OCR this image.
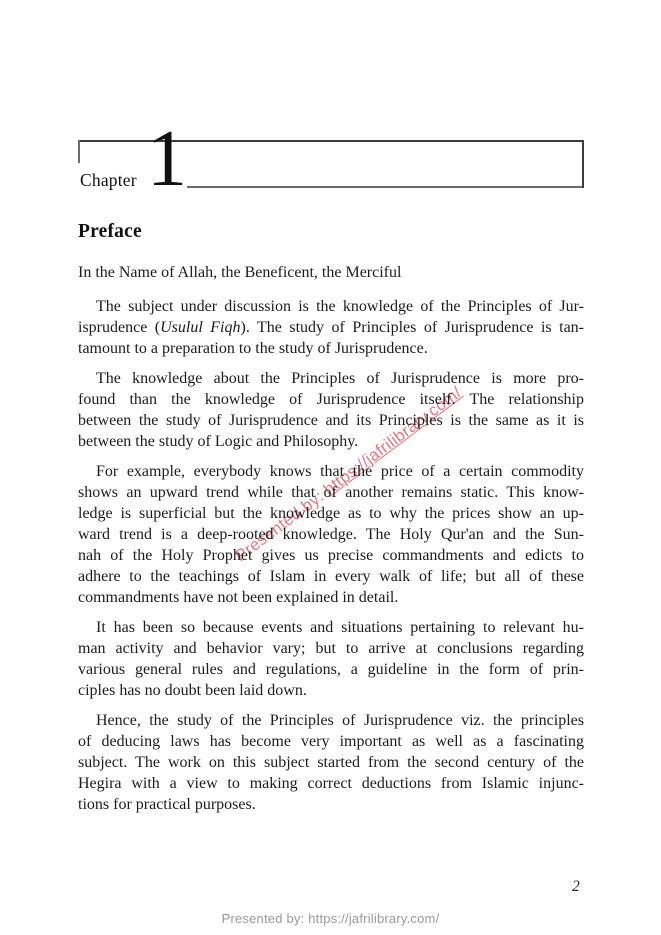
Chapter 1
Preface
In the Name of Allah, the Beneficent, the Merciful
The subject under discussion is the knowledge of the Principles of Jur-
isprudence (Usulul Fiqh). The study of Principles of Jurisprudence is tan-
tamount to a preparation to the study of Jurisprudence.
The knowledge about the Principles of Jurisprudence is more pro-
found than the knowledge of Jurisprudence itself. The relationship
between the study of Jurisprudence and its Principles is the same as it is
between the study of Logic and Philosophy.
For example, everybody knows that the price of a certain commodity
shows an upward trend while that of another remains static. This know-
ledge is superficial but the knowledge as to why the prices show an up-
ward trend is a deep-rooted knowledge. The Holy Qur'an and the Sun-
nah of the Holy Prophet gives us precise commandments and edicts to
adhere to the teachings of Islam in every walk of life; but all of these
commandments have not been explained in detail.
It has been so because events and situations pertaining to relevant hu-
man activity and behavior vary; but to arrive at conclusions regarding
various general rules and regulations, a guideline in the form of prin-
ciples has no doubt been laid down.
Hence, the study of the Principles of Jurisprudence viz. the principles
of deducing laws has become very important as well as a fascinating
subject. The work on this subject started from the second century of the
Hegira with a view to making correct deductions from Islamic injunc-
tions for practical purposes.
Presented by: https://jafrilibrary.com/
2
Presented by: https://jafrilibrary.com/
